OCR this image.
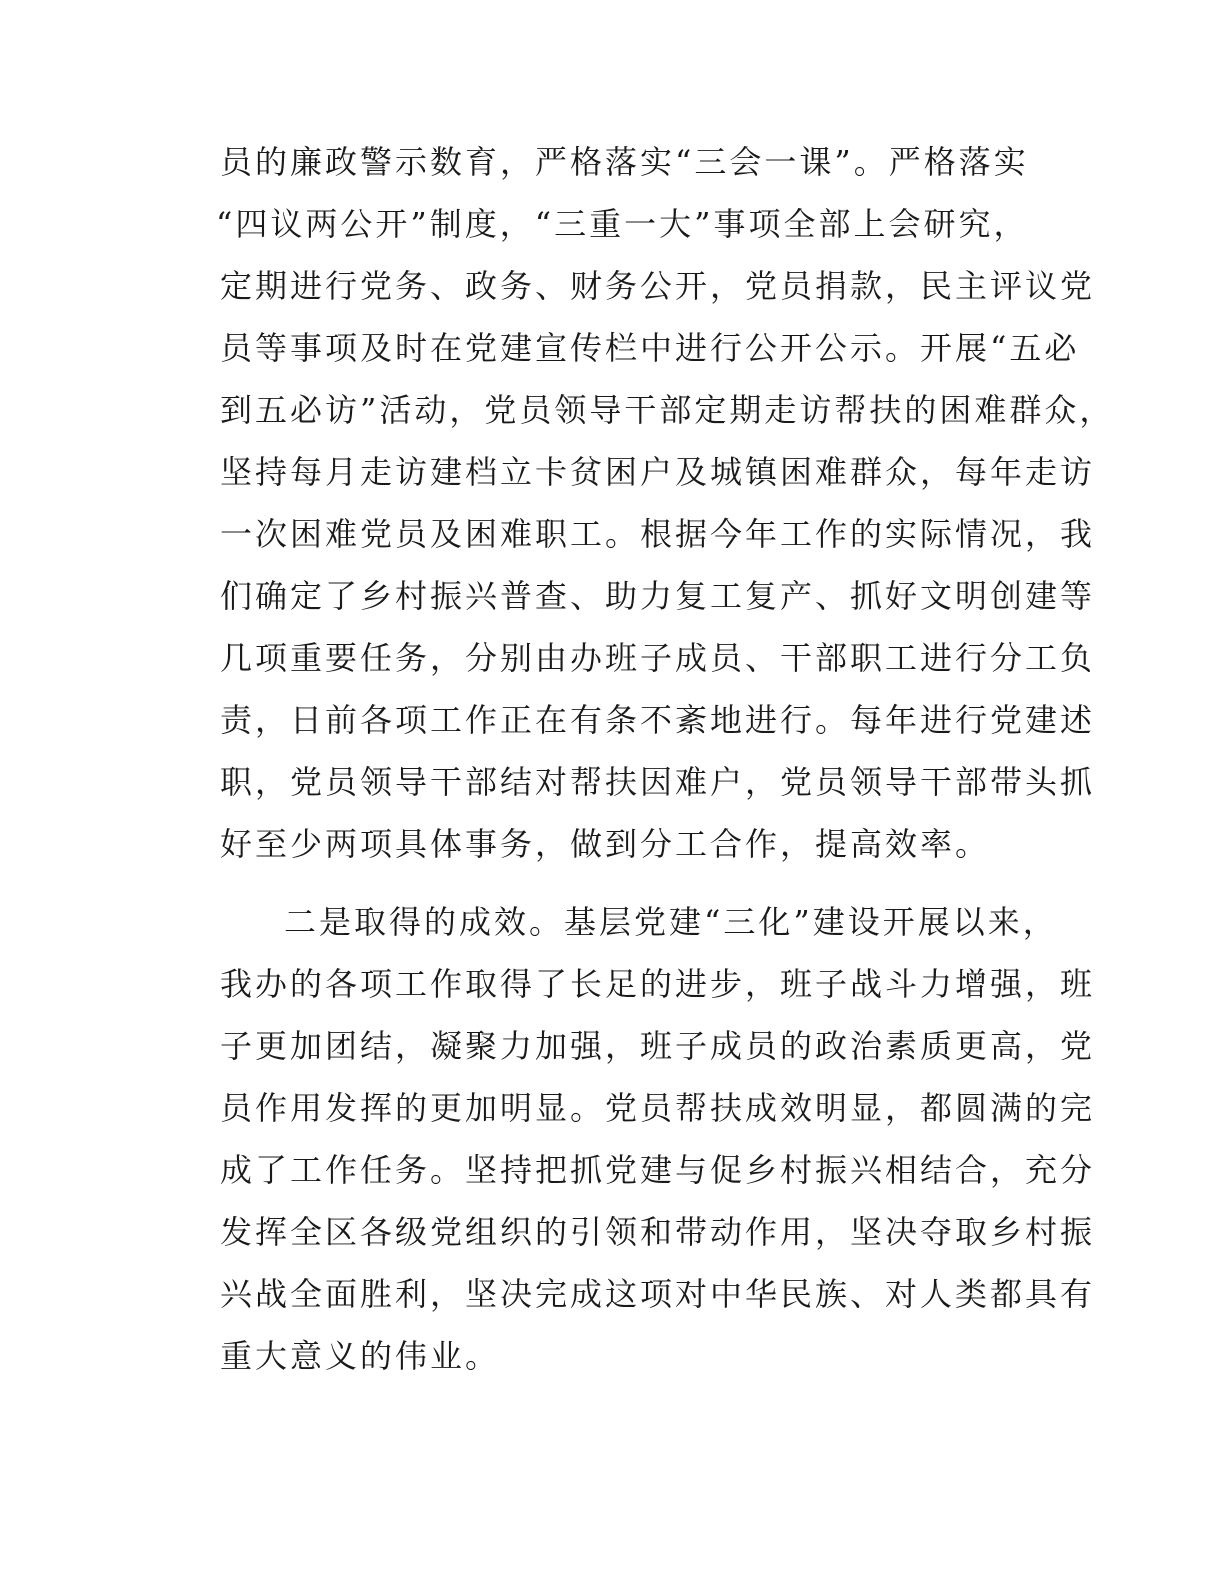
员的廉政警示数育，严格落实“三会一课”。严格落实
“四议两公开”制度，“三重一大”事项全部上会研究，
定期进行党务、政务、财务公开，党员捐款，民主评议党
员等事项及时在党建宣传栏中进行公开公示。开展“五必
到五必访”活动，党员领导干部定期走访帮扶的困难群众，
坚持每月走访建档立卡贫困户及城镇困难群众，每年走访
一次困难党员及困难职工。根据今年工作的实际情况，我
们确定了乡村振兴普查、助力复工复产、抓好文明创建等
几项重要任务，分别由办班子成员、干部职工进行分工负
责，日前各项工作正在有条不紊地进行。每年进行党建述
职，党员领导干部结对帮扶因难户，党员领导干部带头抓
好至少两项具体事务，做到分工合作，提高效率。
二是取得的成效。基层党建“三化”建设开展以来，
我办的各项工作取得了长足的进步，班子战斗力增强，班
子更加团结，凝聚力加强，班子成员的政治素质更高，党
员作用发挥的更加明显。党员帮扶成效明显，都圆满的完
成了工作任务。坚持把抓党建与促乡村振兴相结合，充分
发挥全区各级党组织的引领和带动作用，坚决夺取乡村振
兴战全面胜利，坚决完成这项对中华民族、对人类都具有
重大意义的伟业。
